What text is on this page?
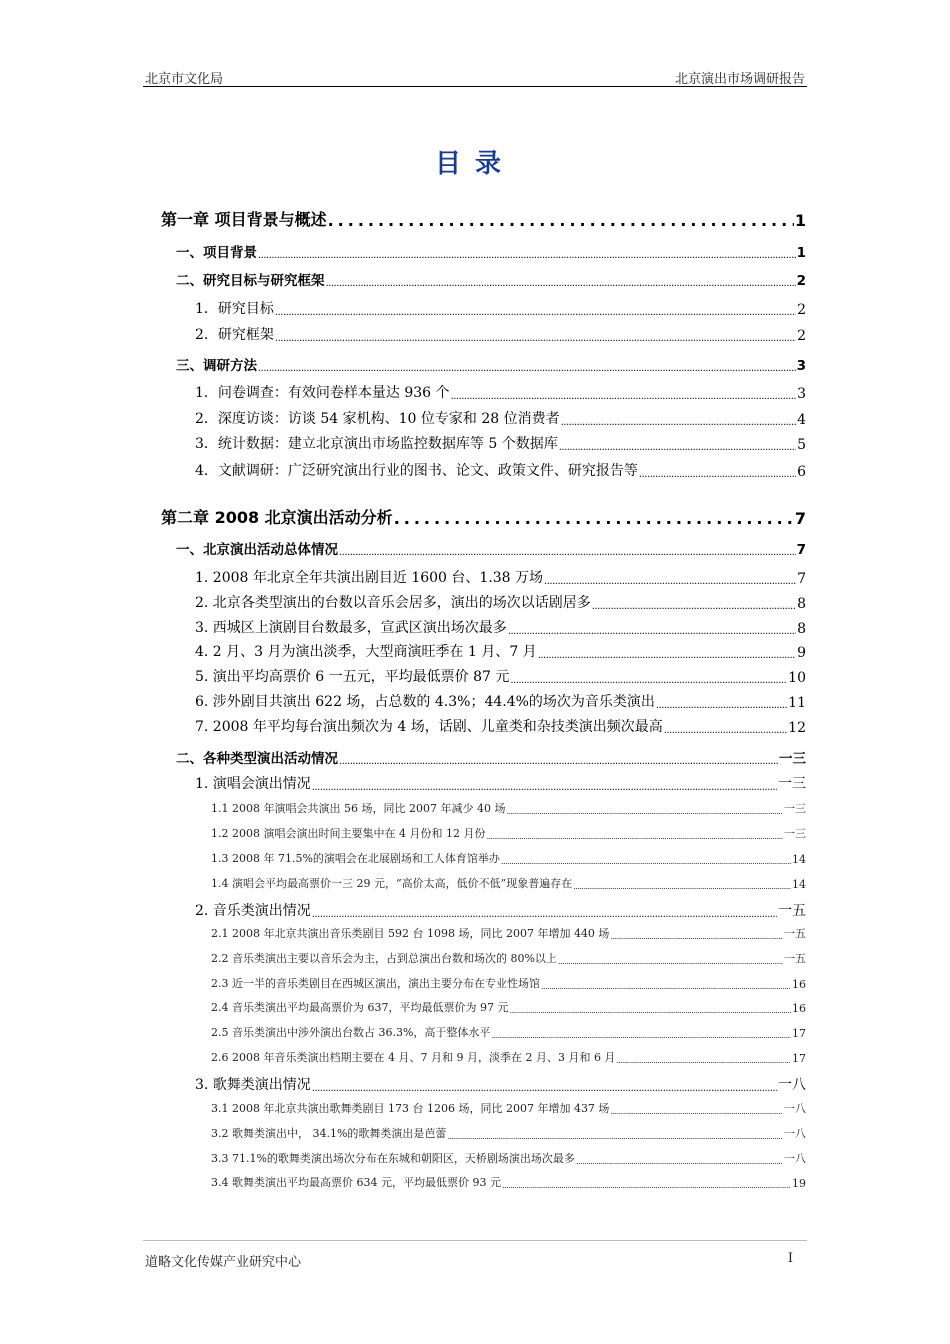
北京市文化局	北京演出市场调研报告
目录
第一章 项目背景与概述 .....	1
一、项目背景 .....	1
二、研究目标与研究框架 .....	2
1．研究目标 .....	2
2．研究框架 .....	2
三、调研方法 .....	3
1．问卷调查：有效问卷样本量达 936 个 .....	3
2．深度访谈：访谈 54 家机构、10 位专家和 28 位消费者 .....	4
3．统计数据：建立北京演出市场监控数据库等 5 个数据库 .....	5
4．文献调研：广泛研究演出行业的图书、论文、政策文件、研究报告等 .....	6
第二章 2008 北京演出活动分析 .....	7
一、北京演出活动总体情况 .....	7
1. 2008 年北京全年共演出剧目近 1600 台、1.38 万场 .....	7
2. 北京各类型演出的台数以音乐会居多，演出的场次以话剧居多 .....	8
3. 西城区上演剧目台数最多，宣武区演出场次最多 .....	8
4. 2 月、3 月为演出淡季，大型商演旺季在 1 月、7 月 .....	9
5. 演出平均高票价 6 一五元，平均最低票价 87 元 .....	10
6. 涉外剧目共演出 622 场，占总数的 4.3%；44.4%的场次为音乐类演出 .....	11
7. 2008 年平均每台演出频次为 4 场，话剧、儿童类和杂技类演出频次最高 .....	12
二、各种类型演出活动情况 .....	一三
1. 演唱会演出情况 .....	一三
1.1 2008 年演唱会共演出 56 场，同比 2007 年减少 40 场 .....	一三
1.2 2008 演唱会演出时间主要集中在 4 月份和 12 月份 .....	一三
1.3 2008 年 71.5%的演唱会在北展剧场和工人体育馆举办 .....	14
1.4 演唱会平均最高票价一三 29 元，“高价太高，低价不低”现象普遍存在 .....	14
2. 音乐类演出情况 .....	一五
2.1 2008 年北京共演出音乐类剧目 592 台 1098 场，同比 2007 年增加 440 场 .....	一五
2.2 音乐类演出主要以音乐会为主，占到总演出台数和场次的 80%以上 .....	一五
2.3 近一半的音乐类剧目在西城区演出，演出主要分布在专业性场馆 .....	16
2.4 音乐类演出平均最高票价为 637，平均最低票价为 97 元 .....	16
2.5 音乐类演出中涉外演出台数占 36.3%，高于整体水平 .....	17
2.6 2008 年音乐类演出档期主要在 4 月、7 月和 9 月，淡季在 2 月、3 月和 6 月 .....	17
3. 歌舞类演出情况 .....	一八
3.1 2008 年北京共演出歌舞类剧目 173 台 1206 场，同比 2007 年增加 437 场 .....	一八
3.2 歌舞类演出中， 34.1%的歌舞类演出是芭蕾 .....	一八
3.3 71.1%的歌舞类演出场次分布在东城和朝阳区，天桥剧场演出场次最多 .....	一八
3.4 歌舞类演出平均最高票价 634 元，平均最低票价 93 元 .....	19
道略文化传媒产业研究中心	I
